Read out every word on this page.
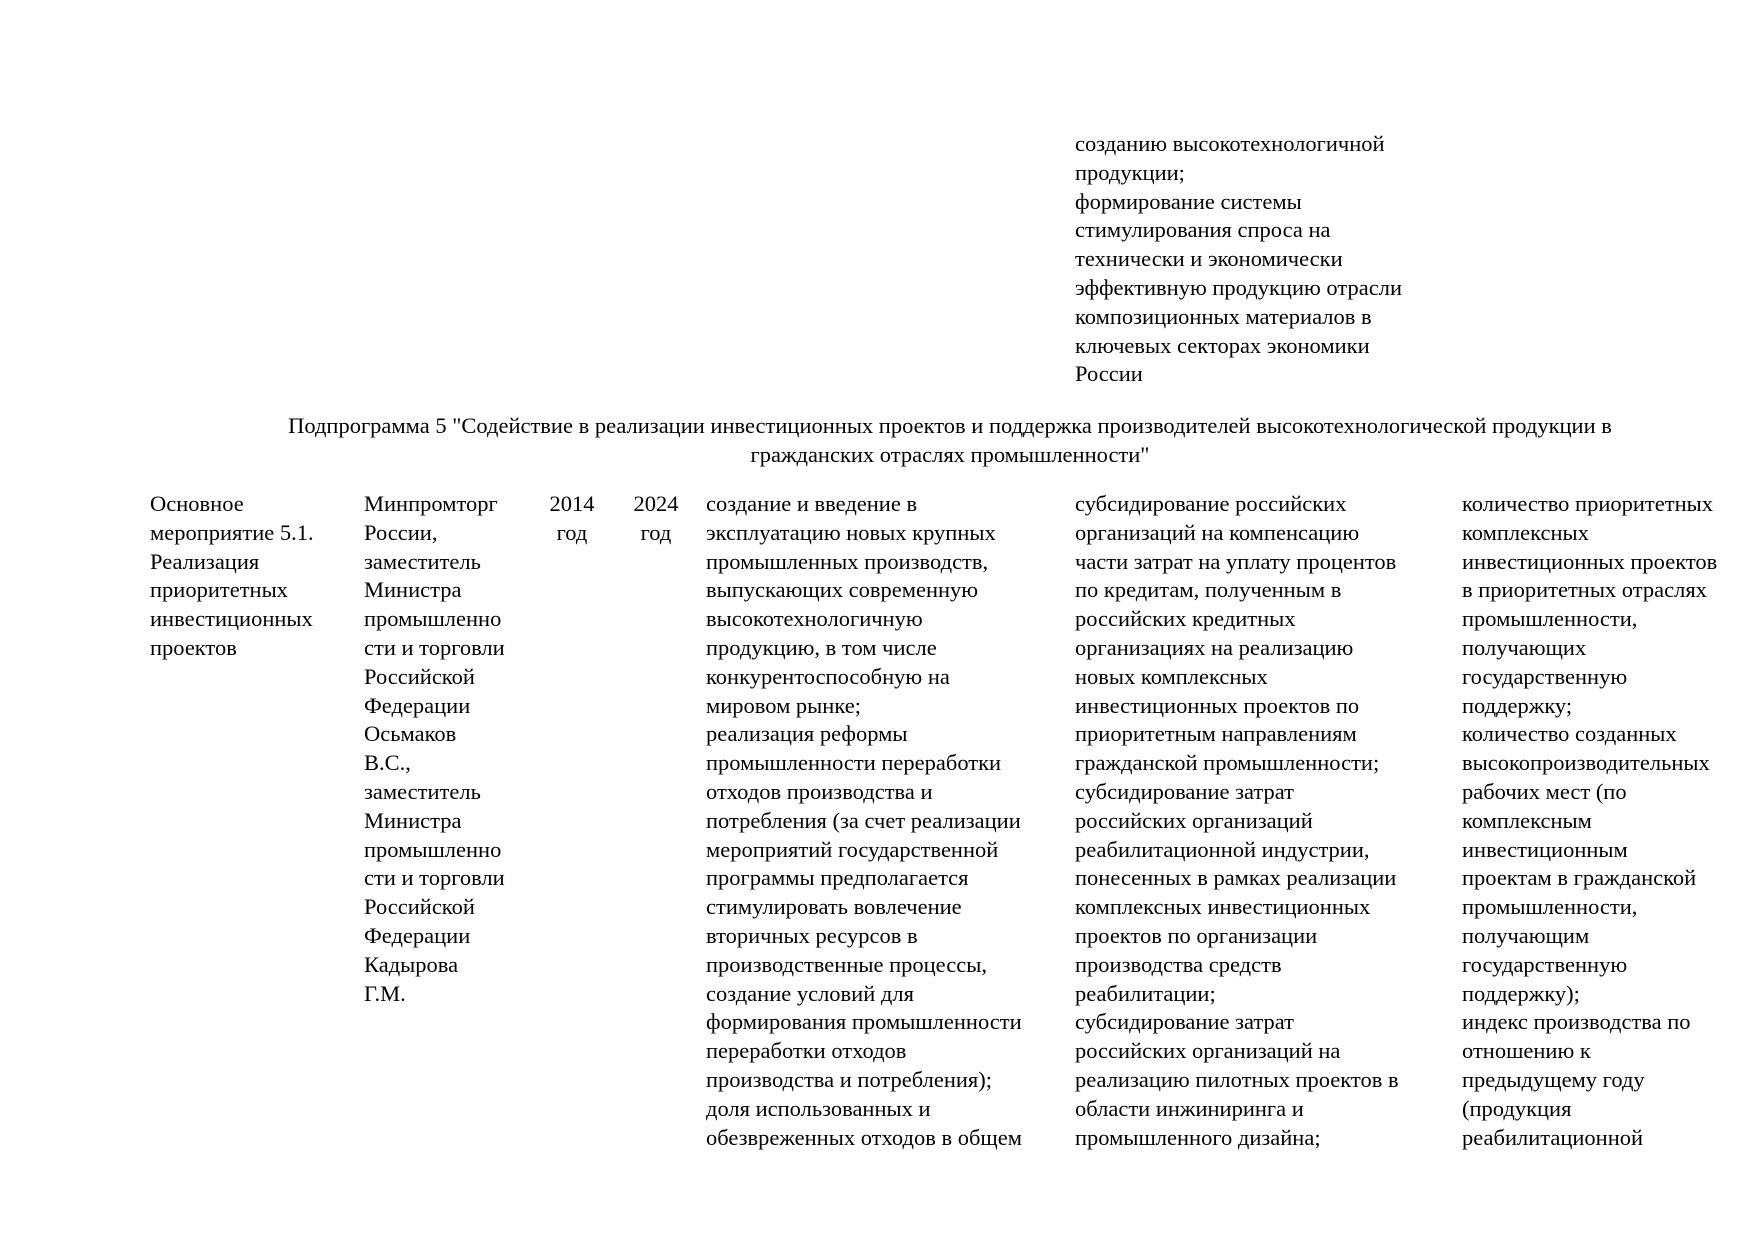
созданию высокотехнологичной
продукции;
формирование системы
стимулирования спроса на
технически и экономически
эффективную продукцию отрасли
композиционных материалов в
ключевых секторах экономики
России
Подпрограмма 5 "Содействие в реализации инвестиционных проектов и поддержка производителей высокотехнологической продукции в
гражданских отраслях промышленности"
Основное
мероприятие 5.1.
Реализация
приоритетных
инвестиционных
проектов
Минпромторг
России,
заместитель
Министра
промышленно
сти и торговли
Российской
Федерации
Осьмаков
В.С.,
заместитель
Министра
промышленно
сти и торговли
Российской
Федерации
Кадырова
Г.М.
2014
год
2024
год
создание и введение в
эксплуатацию новых крупных
промышленных производств,
выпускающих современную
высокотехнологичную
продукцию, в том числе
конкурентоспособную на
мировом рынке;
реализация реформы
промышленности переработки
отходов производства и
потребления (за счет реализации
мероприятий государственной
программы предполагается
стимулировать вовлечение
вторичных ресурсов в
производственные процессы,
создание условий для
формирования промышленности
переработки отходов
производства и потребления);
доля использованных и
обезвреженных отходов в общем
субсидирование российских
организаций на компенсацию
части затрат на уплату процентов
по кредитам, полученным в
российских кредитных
организациях на реализацию
новых комплексных
инвестиционных проектов по
приоритетным направлениям
гражданской промышленности;
субсидирование затрат
российских организаций
реабилитационной индустрии,
понесенных в рамках реализации
комплексных инвестиционных
проектов по организации
производства средств
реабилитации;
субсидирование затрат
российских организаций на
реализацию пилотных проектов в
области инжиниринга и
промышленного дизайна;
количество приоритетных
комплексных
инвестиционных проектов
в приоритетных отраслях
промышленности,
получающих
государственную
поддержку;
количество созданных
высокопроизводительных
рабочих мест (по
комплексным
инвестиционным
проектам в гражданской
промышленности,
получающим
государственную
поддержку);
индекс производства по
отношению к
предыдущему году
(продукция
реабилитационной
